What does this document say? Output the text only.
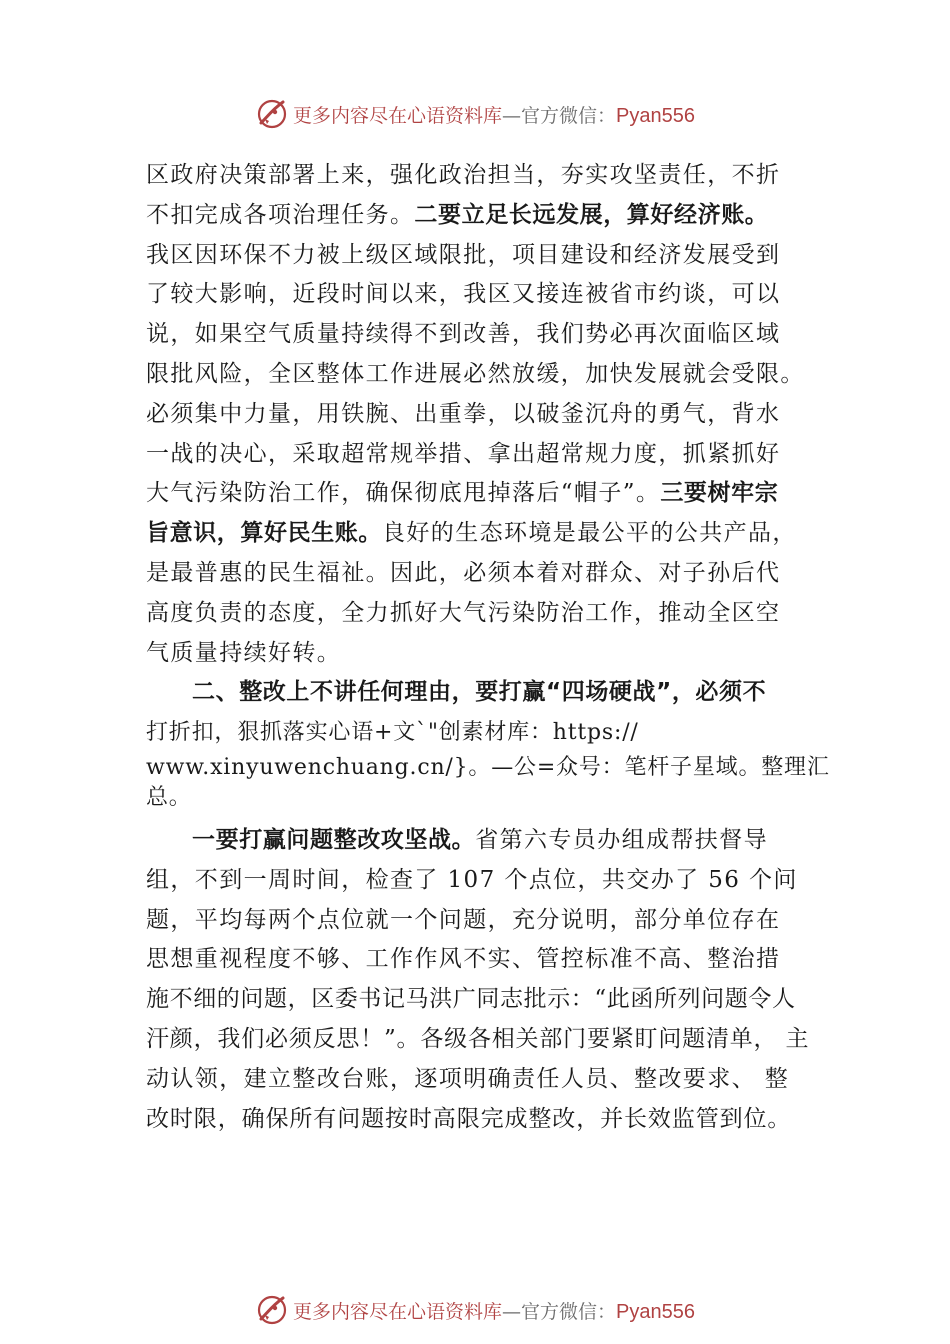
更多内容尽在心语资料库—官方微信：Pyan556
区政府决策部署上来，强化政治担当，夯实攻坚责任，不折
不扣完成各项治理任务。二要立足长远发展，算好经济账。
我区因环保不力被上级区域限批，项目建设和经济发展受到
了较大影响，近段时间以来，我区又接连被省市约谈，可以
说，如果空气质量持续得不到改善，我们势必再次面临区域
限批风险，全区整体工作进展必然放缓，加快发展就会受限。
必须集中力量，用铁腕、出重拳，以破釜沉舟的勇气，背水
一战的决心，采取超常规举措、拿出超常规力度，抓紧抓好
大气污染防治工作，确保彻底甩掉落后“帽子”。三要树牢宗
旨意识，算好民生账。良好的生态环境是最公平的公共产品，
是最普惠的民生福祉。因此，必须本着对群众、对子孙后代
高度负责的态度，全力抓好大气污染防治工作，推动全区空
气质量持续好转。
二、整改上不讲任何理由，要打赢“四场硬战”，必须不
打折扣，狠抓落实心语+文`"创素材库：https://
www.xinyuwenchuang.cn/}。—公=众号：笔杆子星域。整理汇
总。
一要打赢问题整改攻坚战。省第六专员办组成帮扶督导
组，不到一周时间，检查了 107 个点位，共交办了 56 个问
题，平均每两个点位就一个问题，充分说明，部分单位存在
思想重视程度不够、工作作风不实、管控标准不高、整治措
施不细的问题，区委书记马洪广同志批示：“此函所列问题令人
汗颜，我们必须反思！”。各级各相关部门要紧盯问题清单， 主
动认领，建立整改台账，逐项明确责任人员、整改要求、 整
改时限，确保所有问题按时高限完成整改，并长效监管到位。
更多内容尽在心语资料库—官方微信：Pyan556
